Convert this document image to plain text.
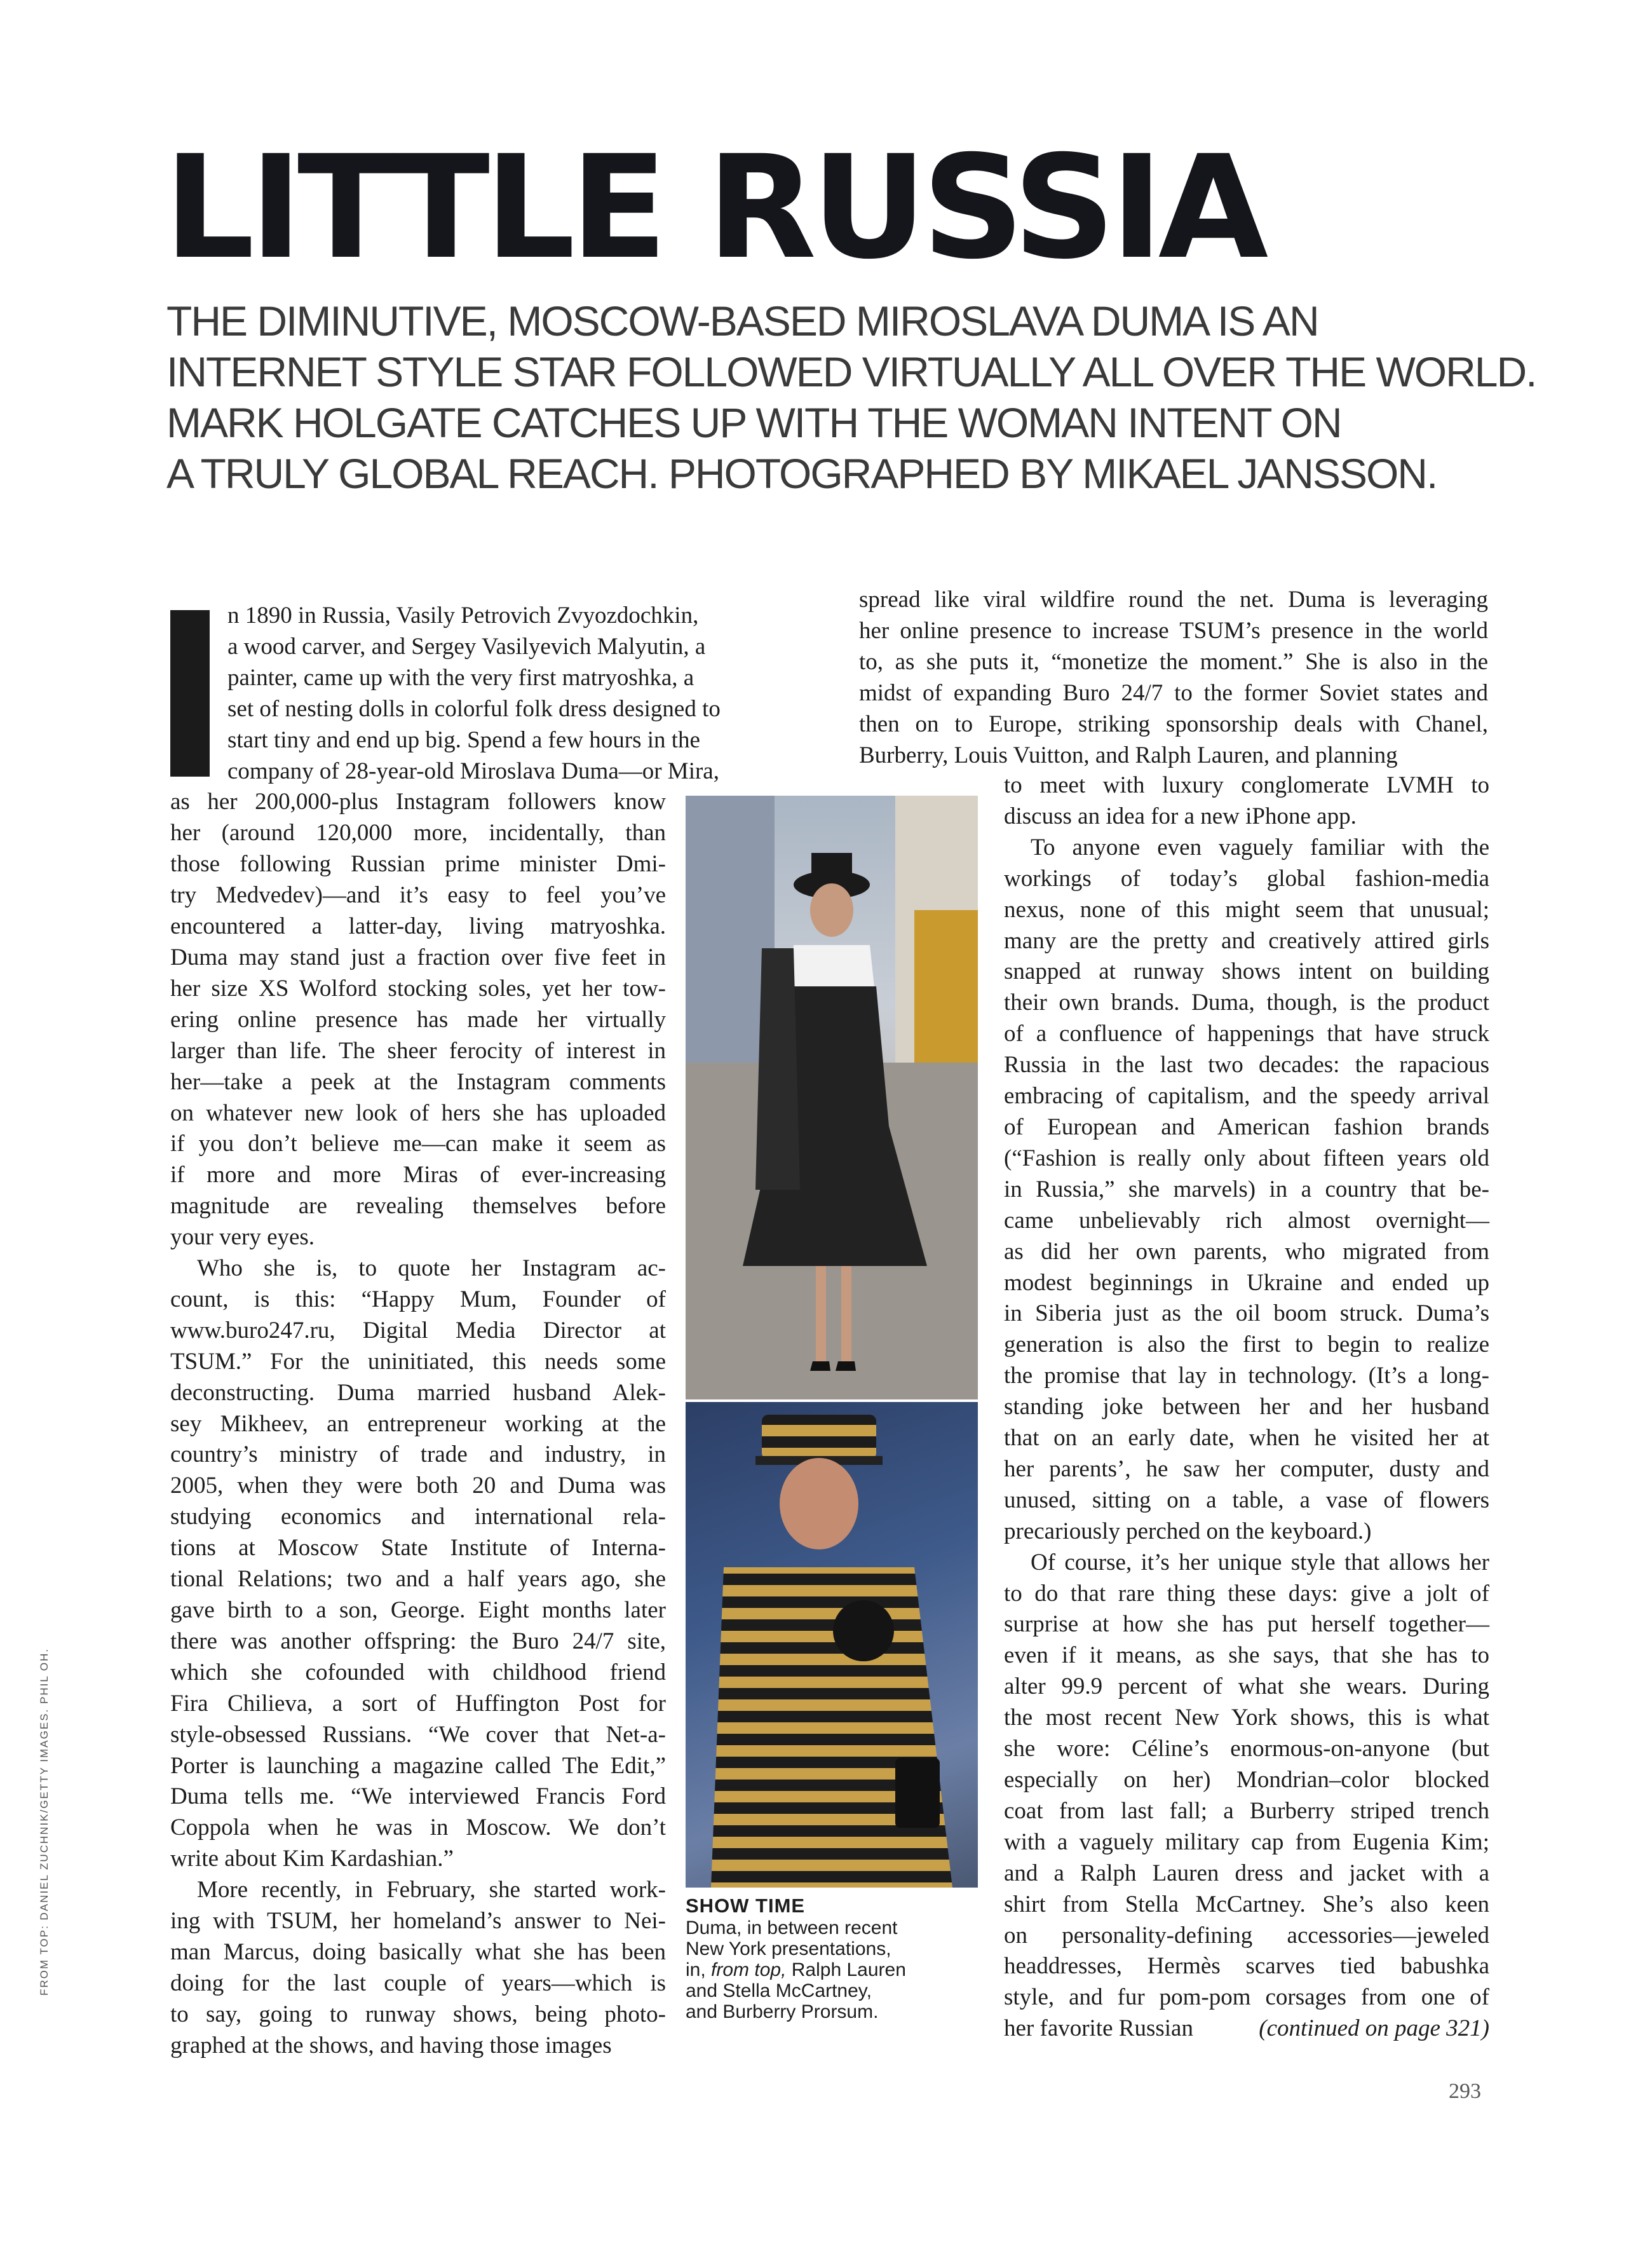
LITTLE RUSSIA
THE DIMINUTIVE, MOSCOW-BASED MIROSLAVA DUMA IS AN
INTERNET STYLE STAR FOLLOWED VIRTUALLY ALL OVER THE WORLD.
MARK HOLGATE CATCHES UP WITH THE WOMAN INTENT ON
A TRULY GLOBAL REACH. PHOTOGRAPHED BY MIKAEL JANSSON.
n 1890 in Russia, Vasily Petrovich Zvyozdochkin,
a wood carver, and Sergey Vasilyevich Malyutin, a
painter, came up with the very first matryoshka, a
set of nesting dolls in colorful folk dress designed to
start tiny and end up big. Spend a few hours in the
company of 28-year-old Miroslava Duma—or Mira,
as her 200,000-plus Instagram followers know
her (around 120,000 more, incidentally, than
those following Russian prime minister Dmi-
try Medvedev)—and it’s easy to feel you’ve
encountered a latter-day, living matryoshka.
Duma may stand just a fraction over five feet in
her size XS Wolford stocking soles, yet her tow-
ering online presence has made her virtually
larger than life. The sheer ferocity of interest in
her—take a peek at the Instagram comments
on whatever new look of hers she has uploaded
if you don’t believe me—can make it seem as
if more and more Miras of ever-increasing
magnitude are revealing themselves before
your very eyes.
Who she is, to quote her Instagram ac-
count, is this: “Happy Mum, Founder of
www.buro247.ru, Digital Media Director at
TSUM.” For the uninitiated, this needs some
deconstructing. Duma married husband Alek-
sey Mikheev, an entrepreneur working at the
country’s ministry of trade and industry, in
2005, when they were both 20 and Duma was
studying economics and international rela-
tions at Moscow State Institute of Interna-
tional Relations; two and a half years ago, she
gave birth to a son, George. Eight months later
there was another offspring: the Buro 24/7 site,
which she cofounded with childhood friend
Fira Chilieva, a sort of Huffington Post for
style-obsessed Russians. “We cover that Net-a-
Porter is launching a magazine called The Edit,”
Duma tells me. “We interviewed Francis Ford
Coppola when he was in Moscow. We don’t
write about Kim Kardashian.”
More recently, in February, she started work-
ing with TSUM, her homeland’s answer to Nei-
man Marcus, doing basically what she has been
doing for the last couple of years—which is
to say, going to runway shows, being photo-
graphed at the shows, and having those images
spread like viral wildfire round the net. Duma is leveraging
her online presence to increase TSUM’s presence in the world
to, as she puts it, “monetize the moment.” She is also in the
midst of expanding Buro 24/7 to the former Soviet states and
then on to Europe, striking sponsorship deals with Chanel,
Burberry, Louis Vuitton, and Ralph Lauren, and planning
SHOW TIME
Duma, in between recent
New York presentations,
in, from top, Ralph Lauren
and Stella McCartney,
and Burberry Prorsum.
to meet with luxury conglomerate LVMH to
discuss an idea for a new iPhone app.
To anyone even vaguely familiar with the
workings of today’s global fashion-media
nexus, none of this might seem that unusual;
many are the pretty and creatively attired girls
snapped at runway shows intent on building
their own brands. Duma, though, is the product
of a confluence of happenings that have struck
Russia in the last two decades: the rapacious
embracing of capitalism, and the speedy arrival
of European and American fashion brands
(“Fashion is really only about fifteen years old
in Russia,” she marvels) in a country that be-
came unbelievably rich almost overnight—
as did her own parents, who migrated from
modest beginnings in Ukraine and ended up
in Siberia just as the oil boom struck. Duma’s
generation is also the first to begin to realize
the promise that lay in technology. (It’s a long-
standing joke between her and her husband
that on an early date, when he visited her at
her parents’, he saw her computer, dusty and
unused, sitting on a table, a vase of flowers
precariously perched on the keyboard.)
Of course, it’s her unique style that allows her
to do that rare thing these days: give a jolt of
surprise at how she has put herself together—
even if it means, as she says, that she has to
alter 99.9 percent of what she wears. During
the most recent New York shows, this is what
she wore: Céline’s enormous-on-anyone (but
especially on her) Mondrian–color blocked
coat from last fall; a Burberry striped trench
with a vaguely military cap from Eugenia Kim;
and a Ralph Lauren dress and jacket with a
shirt from Stella McCartney. She’s also keen
on personality-defining accessories—jeweled
headdresses, Hermès scarves tied babushka
style, and fur pom-pom corsages from one of
her favorite Russian	(continued on page 321)
FROM TOP: DANIEL ZUCHNIK/GETTY IMAGES. PHIL OH.
293
